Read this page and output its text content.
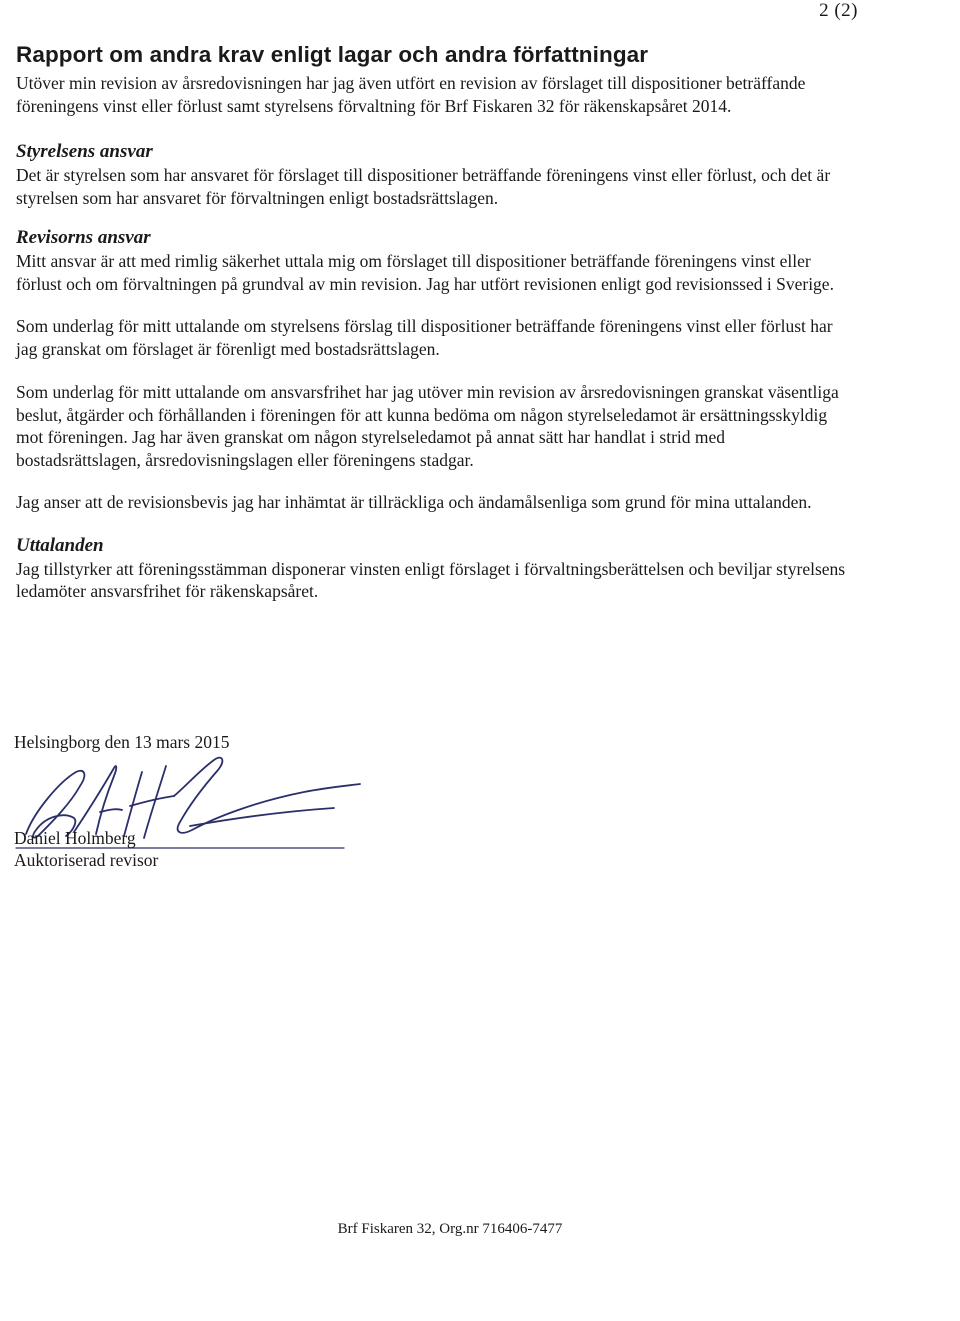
2 (2)
Rapport om andra krav enligt lagar och andra författningar

Utöver min revision av årsredovisningen har jag även utfört en revision av förslaget till dispositioner beträffande föreningens vinst eller förlust samt styrelsens förvaltning för Brf Fiskaren 32 för räkenskapsåret 2014.

Styrelsens ansvar

Det är styrelsen som har ansvaret för förslaget till dispositioner beträffande föreningens vinst eller förlust, och det är styrelsen som har ansvaret för förvaltningen enligt bostadsrättslagen.

Revisorns ansvar

Mitt ansvar är att med rimlig säkerhet uttala mig om förslaget till dispositioner beträffande föreningens vinst eller förlust och om förvaltningen på grundval av min revision. Jag har utfört revisionen enligt god revisionssed i Sverige.

Som underlag för mitt uttalande om styrelsens förslag till dispositioner beträffande föreningens vinst eller förlust har jag granskat om förslaget är förenligt med bostadsrättslagen.

Som underlag för mitt uttalande om ansvarsfrihet har jag utöver min revision av årsredovisningen granskat väsentliga beslut, åtgärder och förhållanden i föreningen för att kunna bedöma om någon styrelseledamot är ersättningsskyldig mot föreningen. Jag har även granskat om någon styrelseledamot på annat sätt har handlat i strid med bostadsrättslagen, årsredovisningslagen eller föreningens stadgar.

Jag anser att de revisionsbevis jag har inhämtat är tillräckliga och ändamålsenliga som grund för mina uttalanden.

Uttalanden

Jag tillstyrker att föreningsstämman disponerar vinsten enligt förslaget i förvaltningsberättelsen och beviljar styrelsens ledamöter ansvarsfrihet för räkenskapsåret.

Helsingborg den 13 mars 2015
Daniel Holmberg
Auktoriserad revisor
Brf Fiskaren 32, Org.nr 716406-7477
